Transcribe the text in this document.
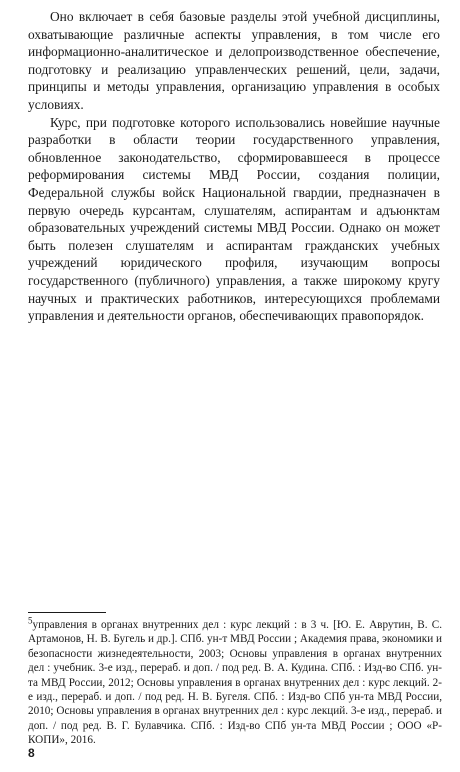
Оно включает в себя базовые разделы этой учебной дисциплины, охватывающие различные аспекты управления, в том числе его информационно-аналитическое и делопроизводственное обеспечение, подготовку и реализацию управленческих решений, цели, задачи, принципы и методы управления, организацию управления в особых условиях.

Курс, при подготовке которого использовались новейшие научные разработки в области теории государственного управления, обновленное законодательство, сформировавшееся в процессе реформирования системы МВД России, создания полиции, Федеральной службы войск Национальной гвардии, предназначен в первую очередь курсантам, слушателям, аспирантам и адъюнктам образовательных учреждений системы МВД России. Однако он может быть полезен слушателям и аспирантам гражданских учебных учреждений юридического профиля, изучающим вопросы государственного (публичного) управления, а также широкому кругу научных и практических работников, интересующихся проблемами управления и деятельности органов, обеспечивающих правопорядок.

$^5$управления в органах внутренних дел : курс лекций : в 3 ч. [Ю. Е. Аврутин, В. С. Артамонов, Н. В. Бугель и др.]. СПб. ун-т МВД России ; Академия права, экономики и безопасности жизнедеятельности, 2003; Основы управления в органах внутренних дел : учебник. 3-е изд., перераб. и доп. / под ред. В. А. Кудина. СПб. : Изд-во СПб. ун-та МВД России, 2012; Основы управления в органах внутренних дел : курс лекций. 2-е изд., перераб. и доп. / под ред. Н. В. Бугеля. СПб. : Изд-во СПб ун-та МВД России, 2010; Основы управления в органах внутренних дел : курс лекций. 3-е изд., перераб. и доп. / под ред. В. Г. Булавчика. СПб. : Изд-во СПб ун-та МВД России ; ООО «Р-КОПИ», 2016.

8
